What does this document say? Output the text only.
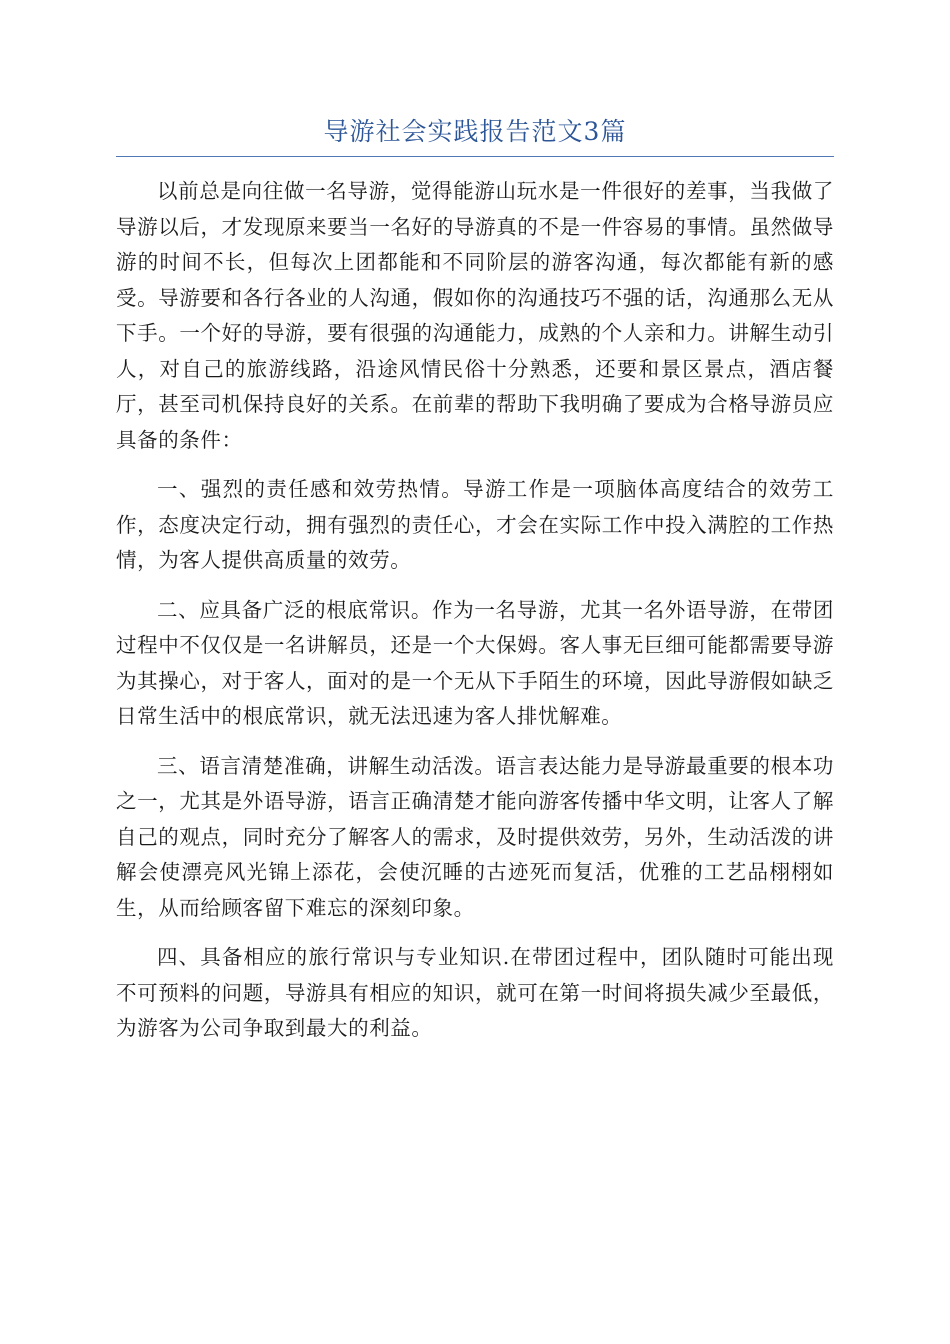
导游社会实践报告范文3篇

以前总是向往做一名导游，觉得能游山玩水是一件很好的差事，当我做了导游以后，才发现原来要当一名好的导游真的不是一件容易的事情。虽然做导游的时间不长，但每次上团都能和不同阶层的游客沟通，每次都能有新的感受。导游要和各行各业的人沟通，假如你的沟通技巧不强的话，沟通那么无从下手。一个好的导游，要有很强的沟通能力，成熟的个人亲和力。讲解生动引人，对自己的旅游线路，沿途风情民俗十分熟悉，还要和景区景点，酒店餐厅，甚至司机保持良好的关系。在前辈的帮助下我明确了要成为合格导游员应具备的条件：

一、强烈的责任感和效劳热情。导游工作是一项脑体高度结合的效劳工作，态度决定行动，拥有强烈的责任心，才会在实际工作中投入满腔的工作热情，为客人提供高质量的效劳。

二、应具备广泛的根底常识。作为一名导游，尤其一名外语导游，在带团过程中不仅仅是一名讲解员，还是一个大保姆。客人事无巨细可能都需要导游为其操心，对于客人，面对的是一个无从下手陌生的环境，因此导游假如缺乏日常生活中的根底常识，就无法迅速为客人排忧解难。

三、语言清楚准确，讲解生动活泼。语言表达能力是导游最重要的根本功之一，尤其是外语导游，语言正确清楚才能向游客传播中华文明，让客人了解自己的观点，同时充分了解客人的需求，及时提供效劳，另外，生动活泼的讲解会使漂亮风光锦上添花，会使沉睡的古迹死而复活，优雅的工艺品栩栩如生，从而给顾客留下难忘的深刻印象。

四、具备相应的旅行常识与专业知识.在带团过程中，团队随时可能出现不可预料的问题，导游具有相应的知识，就可在第一时间将损失减少至最低，为游客为公司争取到最大的利益。
